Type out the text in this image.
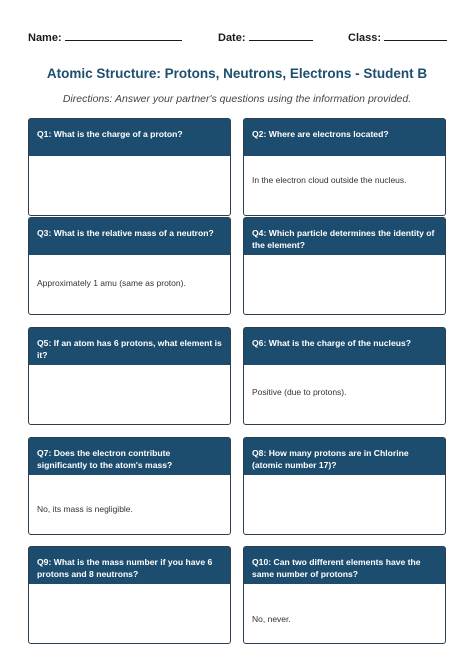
Name:	Date:	Class:
Atomic Structure: Protons, Neutrons, Electrons - Student B
Directions: Answer your partner's questions using the information provided.
Q1: What is the charge of a proton?	Q2: Where are electrons located?
In the electron cloud outside the nucleus.
Q3: What is the relative mass of a neutron?
Approximately 1 amu (same as proton).
Q4: Which particle determines the identity of the element?
Q5: If an atom has 6 protons, what element is it?
Q6: What is the charge of the nucleus?
Positive (due to protons).
Q7: Does the electron contribute significantly to the atom's mass?
No, its mass is negligible.
Q8: How many protons are in Chlorine (atomic number 17)?
Q9: What is the mass number if you have 6 protons and 8 neutrons?
Q10: Can two different elements have the same number of protons?
No, never.
